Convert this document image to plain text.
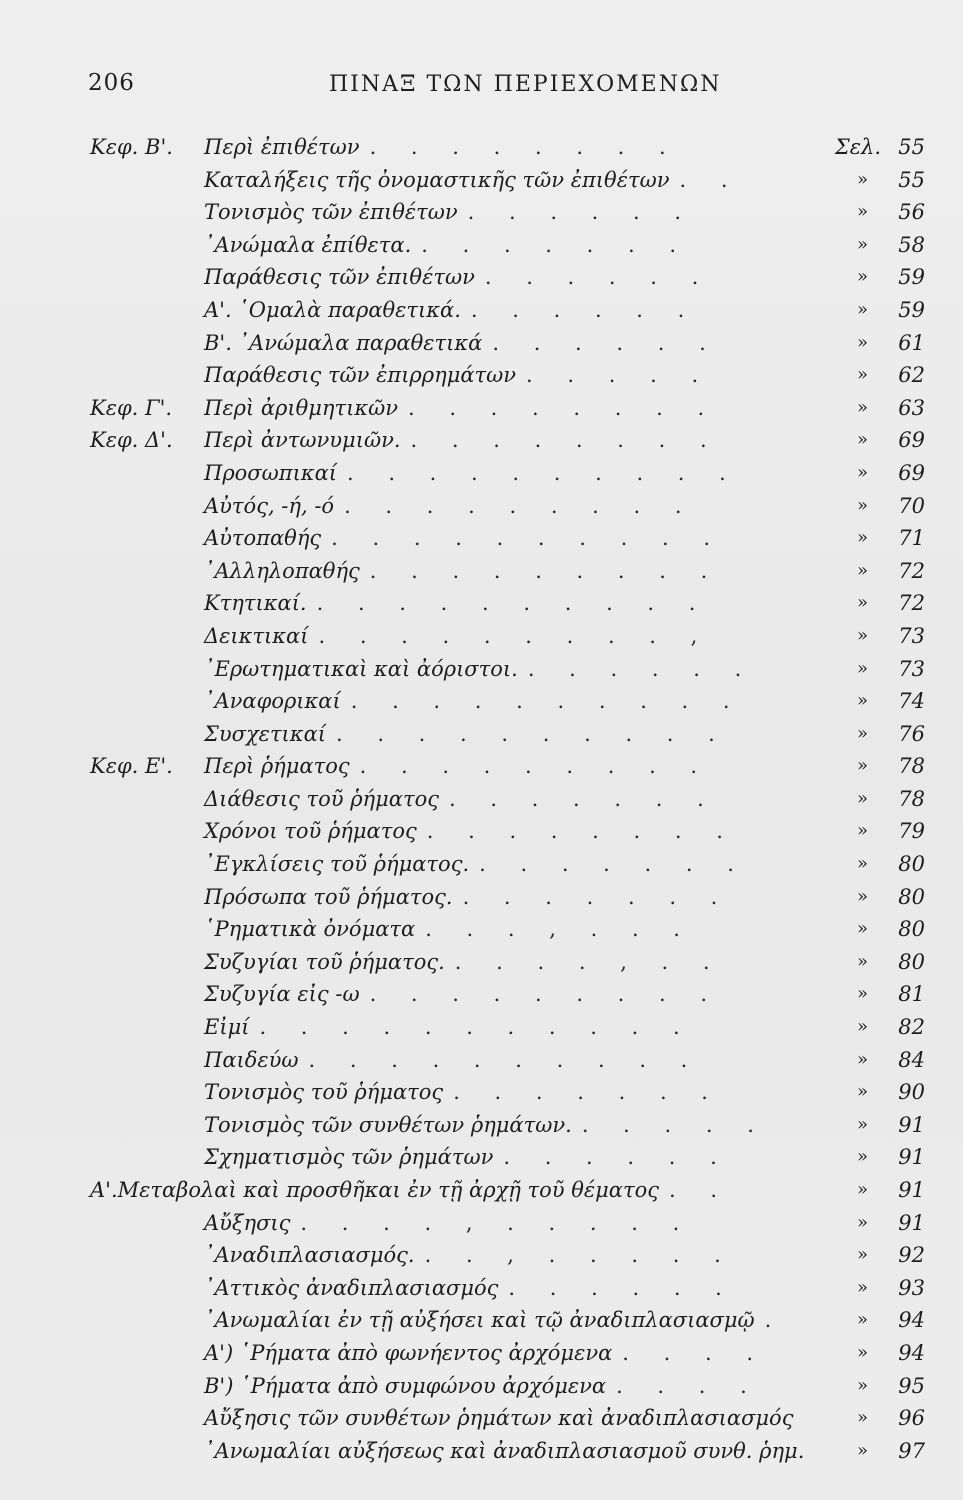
206	ΠΙΝΑΞ ΤΩΝ ΠΕΡΙΕΧΟΜΕΝΩΝ
Κεφ. Β'. Περὶ ἐπιθέτων . . . . . . . .	Σελ. 55
Καταλήξεις τῆς ὀνομαστικῆς τῶν ἐπιθέτων . .	»	55
Τονισμὸς τῶν ἐπιθέτων . . . . . .	»	56
᾿Ανώμαλα ἐπίθετα. . . . . . . .	»	58
Παράθεσις τῶν ἐπιθέτων . . . . . .	»	59
Α'. ῾Ομαλὰ παραθετικά. . . . . . .	»	59
Β'. ᾿Ανώμαλα παραθετικά . . . . . .	»	61
Παράθεσις τῶν ἐπιρρημάτων . . . . .	»	62
Κεφ. Γ'. Περὶ ἀριθμητικῶν . . . . . . . .	»	63
Κεφ. Δ'. Περὶ ἀντωνυμιῶν. . . . . . . . .	»	69
Προσωπικαί . . . . . . . . . .	»	69
Αὐτός, -ή, -ό . . . . . . . . .	»	70
Αὐτοπαθής . . . . . . . . . .	»	71
᾿Αλληλοπαθής . . . . . . . . .	»	72
Κτητικαί. . . . . . . . . . .	»	72
Δεικτικαί . . . . . . . . . ,	»	73
᾿Ερωτηματικαὶ καὶ ἀόριστοι. . . . . . .	»	73
᾿Αναφορικαί . . . . . . . . . .	»	74
Συσχετικαί . . . . . . . . . .	»	76
Κεφ. Ε'. Περὶ ῥήματος . . . . . . . . .	»	78
Διάθεσις τοῦ ῥήματος . . . . . . .	»	78
Χρόνοι τοῦ ῥήματος . . . . . . . .	»	79
᾿Εγκλίσεις τοῦ ῥήματος. . . . . . . .	»	80
Πρόσωπα τοῦ ῥήματος. . . . . . . .	»	80
῾Ρηματικὰ ὀνόματα . . . , . . .	»	80
Συζυγίαι τοῦ ῥήματος. . . . . , . .	»	80
Συζυγία εἰς -ω . . . . . . . . .	»	81
Εἰμί . . . . . . . . . . .	»	82
Παιδεύω . . . . . . . . . .	»	84
Τονισμὸς τοῦ ῥήματος . . . . . . .	»	90
Τονισμὸς τῶν συνθέτων ῥημάτων. . . . . .	»	91
Σχηματισμὸς τῶν ῥημάτων . . . . . .	»	91
Α'.Μεταβολαὶ καὶ προσθῆκαι ἐν τῇ ἀρχῇ τοῦ θέματος . .	»	91
Αὔξησις . . . . , . . . . .	»	91
᾿Αναδιπλασιασμός. . . , . . . . .	»	92
᾿Αττικὸς ἀναδιπλασιασμός . . . . . .	»	93
᾿Ανωμαλίαι ἐν τῇ αὐξήσει καὶ τῷ ἀναδιπλασιασμῷ .	»	94
Α') ῾Ρήματα ἀπὸ φωνήεντος ἀρχόμενα . . . .	»	94
Β') ῾Ρήματα ἀπὸ συμφώνου ἀρχόμενα . . . .	»	95
Αὔξησις τῶν συνθέτων ῥημάτων καὶ ἀναδιπλασιασμός	»	96
᾿Ανωμαλίαι αὐξήσεως καὶ ἀναδιπλασιασμοῦ συνθ. ῥημ.	»	97
